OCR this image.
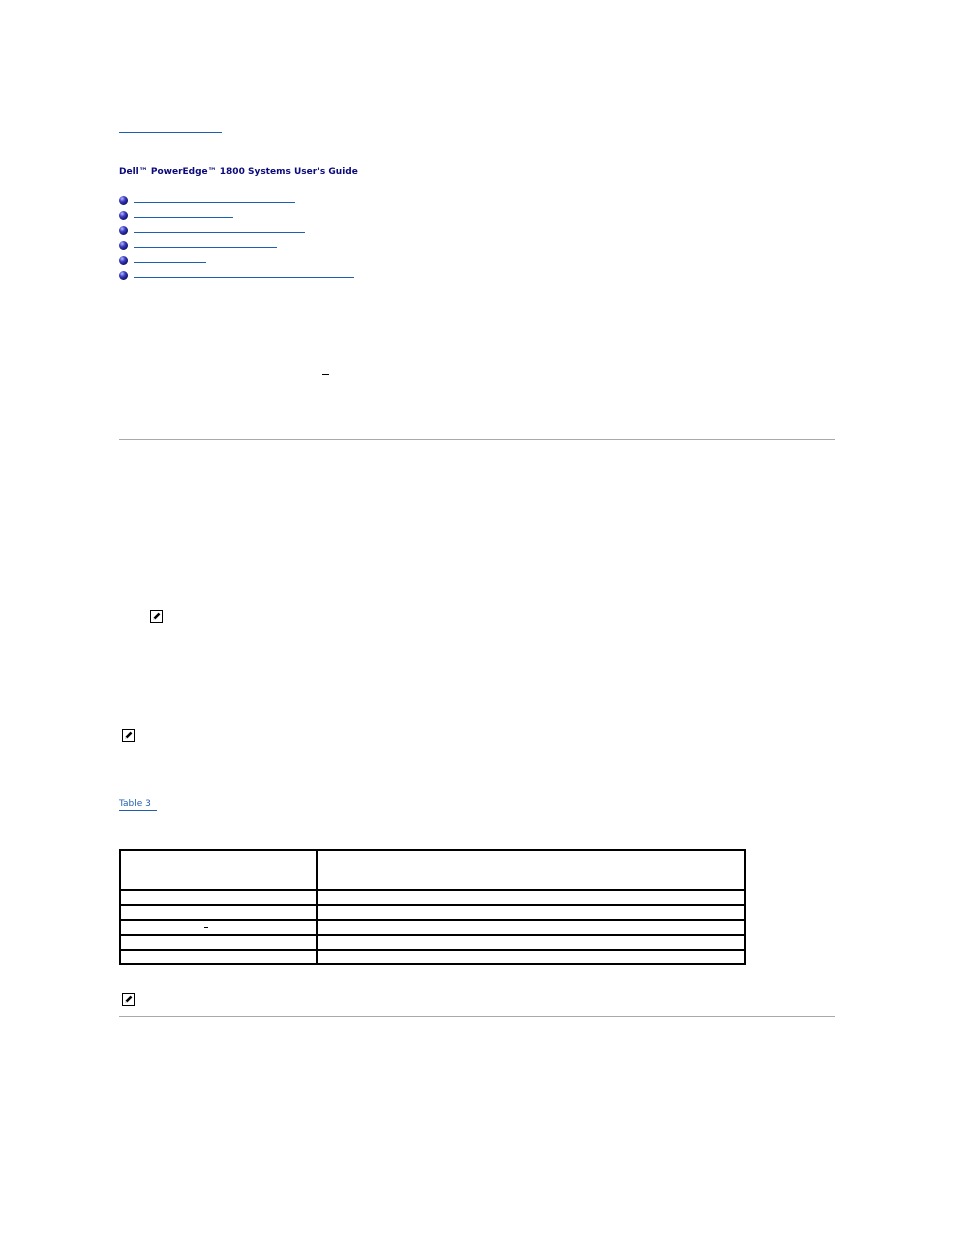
Dell™ PowerEdge™ 1800 Systems User's Guide
Table 3
